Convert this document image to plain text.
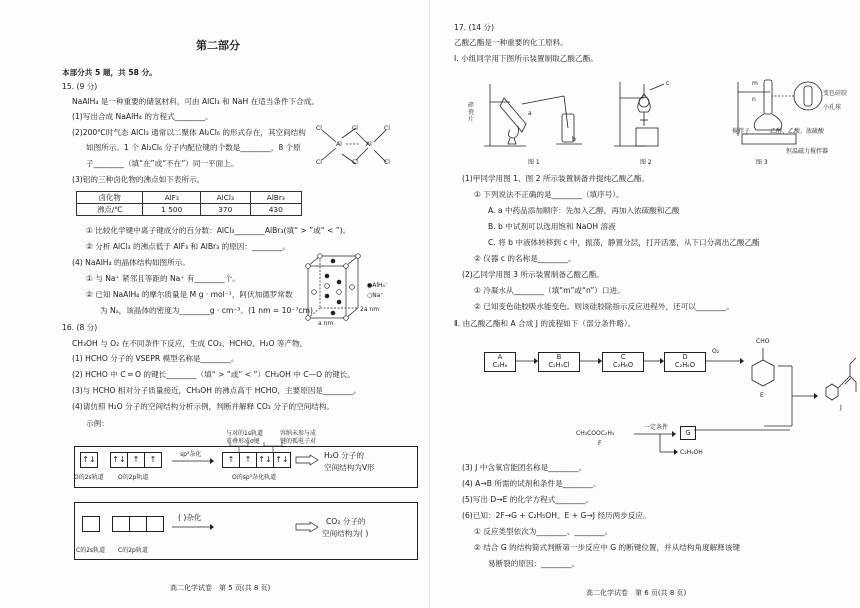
第二部分
本部分共 5 题，共 58 分。
15. (9 分)
NaAlH₄ 是一种重要的储氢材料，可由 AlCl₃ 和 NaH 在适当条件下合成。
(1)写出合成 NaAlH₄ 的方程式________。
(2)200℃时气态 AlCl₃ 通常以二聚体 Al₂Cl₆ 的形式存在，其空间结构
如图所示。1 个 Al₂Cl₆ 分子内配位键的个数是________，8 个原
子________（填“在”或“不在”）同一平面上。
Cl
Cl
Al	Al
Cl
Cl
Cl
Cl
(3)铝的三种卤化物的沸点如下表所示。
卤化物	AlF₃	AlCl₃	AlBr₃
沸点/℃	1 500	370	430
① 比较化学键中离子键成分的百分数：AlCl₃________AlBr₃(填“ > ”或“ < ”)。
② 分析 AlCl₃ 的沸点低于 AlF₃ 和 AlBr₃ 的原因：________。
(4) NaAlH₄ 的晶体结构如图所示。
① 与 Na⁺ 紧邻且等距的 Na⁺ 有________个。
② 已知 NaAlH₄ 的摩尔质量是 M g · mol⁻¹，阿伏加德罗常数
为 Nₐ，该晶体的密度为________g · cm⁻³。(1 nm = 10⁻⁷cm)
●AlH₄⁻
○Na⁺
a nm
2a nm
16. (8 分)
CH₃OH 与 O₂ 在不同条件下反应，生成 CO₂、HCHO、H₂O 等产物。
(1) HCHO 分子的 VSEPR 模型名称是________。
(2) HCHO 中 C ═ O 的键长________（填“ > ”或“ < ”）CH₃OH 中 C—O 的键长。
(3)与 HCHO 相对分子质量接近，CH₃OH 的沸点高于 HCHO，主要原因是________。
(4)请仿照 H₂O 分子的空间结构分析示例，判断并解释 CO₂ 分子的空间结构。
示例：
与对的1s轨道
重叠形成σ键
容纳未参与成
键的孤电子对
↑↓ ↑↓ ↑	↑
O的2s轨道 O的2p轨道
sp³杂化
↑	↑ ↑↓ ↑↓
O的sp³杂化轨道
H₂O 分子的
空间结构为V形
C的2s轨道 C的2p轨道
( )杂化	CO₂ 分子的
空间结构为( )
高二化学试卷　第 5 页(共 8 页)
17. (14 分)
乙酸乙酯是一种重要的化工原料。
Ⅰ. 小组同学用下图所示装置制取乙酸乙酯。
碎瓷片
a
b
图 1
c
图 2
m
n
变色硅胶
小孔球
搅拌子	乙醇、乙酸、浓硫酸
恒温磁力搅拌器
图 3
(1)甲同学用图 1、图 2 所示装置制备并提纯乙酸乙酯。
① 下列说法不正确的是________（填序号）。
A. a 中药品添加顺序：先加入乙醇，再加入浓硫酸和乙酸
B. b 中试剂可以选用饱和 NaOH 溶液
C. 将 b 中液体转移到 c 中，振荡，静置分层，打开活塞，从下口分离出乙酸乙酯
② 仪器 c 的名称是________。
(2)乙同学用图 3 所示装置制备乙酸乙酯。
① 冷凝水从________（填“m”或“n”）口进。
② 已知变色硅胶吸水能变色。则该硅胶除指示反应进程外，还可以________。
Ⅱ. 由乙酸乙酯和 A 合成 J 的流程如下（部分条件略）。
A
C₂H₆
B
C₂H₅Cl
C
C₂H₆O
D
C₂H₄O
O₂
CHO
E
J
CH₃COOC₂H₅
F
一定条件
G
C₂H₅OH
(3) J 中含氧官能团名称是________。
(4) A→B 所需的试剂和条件是________。
(5)写出 D→E 的化学方程式________。
(6)已知：2F→G + C₂H₅OH。E + G→J 经历两步反应。
① 反应类型依次为________、________。
② 结合 G 的结构简式判断第一步反应中 G 的断键位置，并从结构角度解释该键
易断裂的原因：________。
高二化学试卷　第 6 页(共 8 页)
